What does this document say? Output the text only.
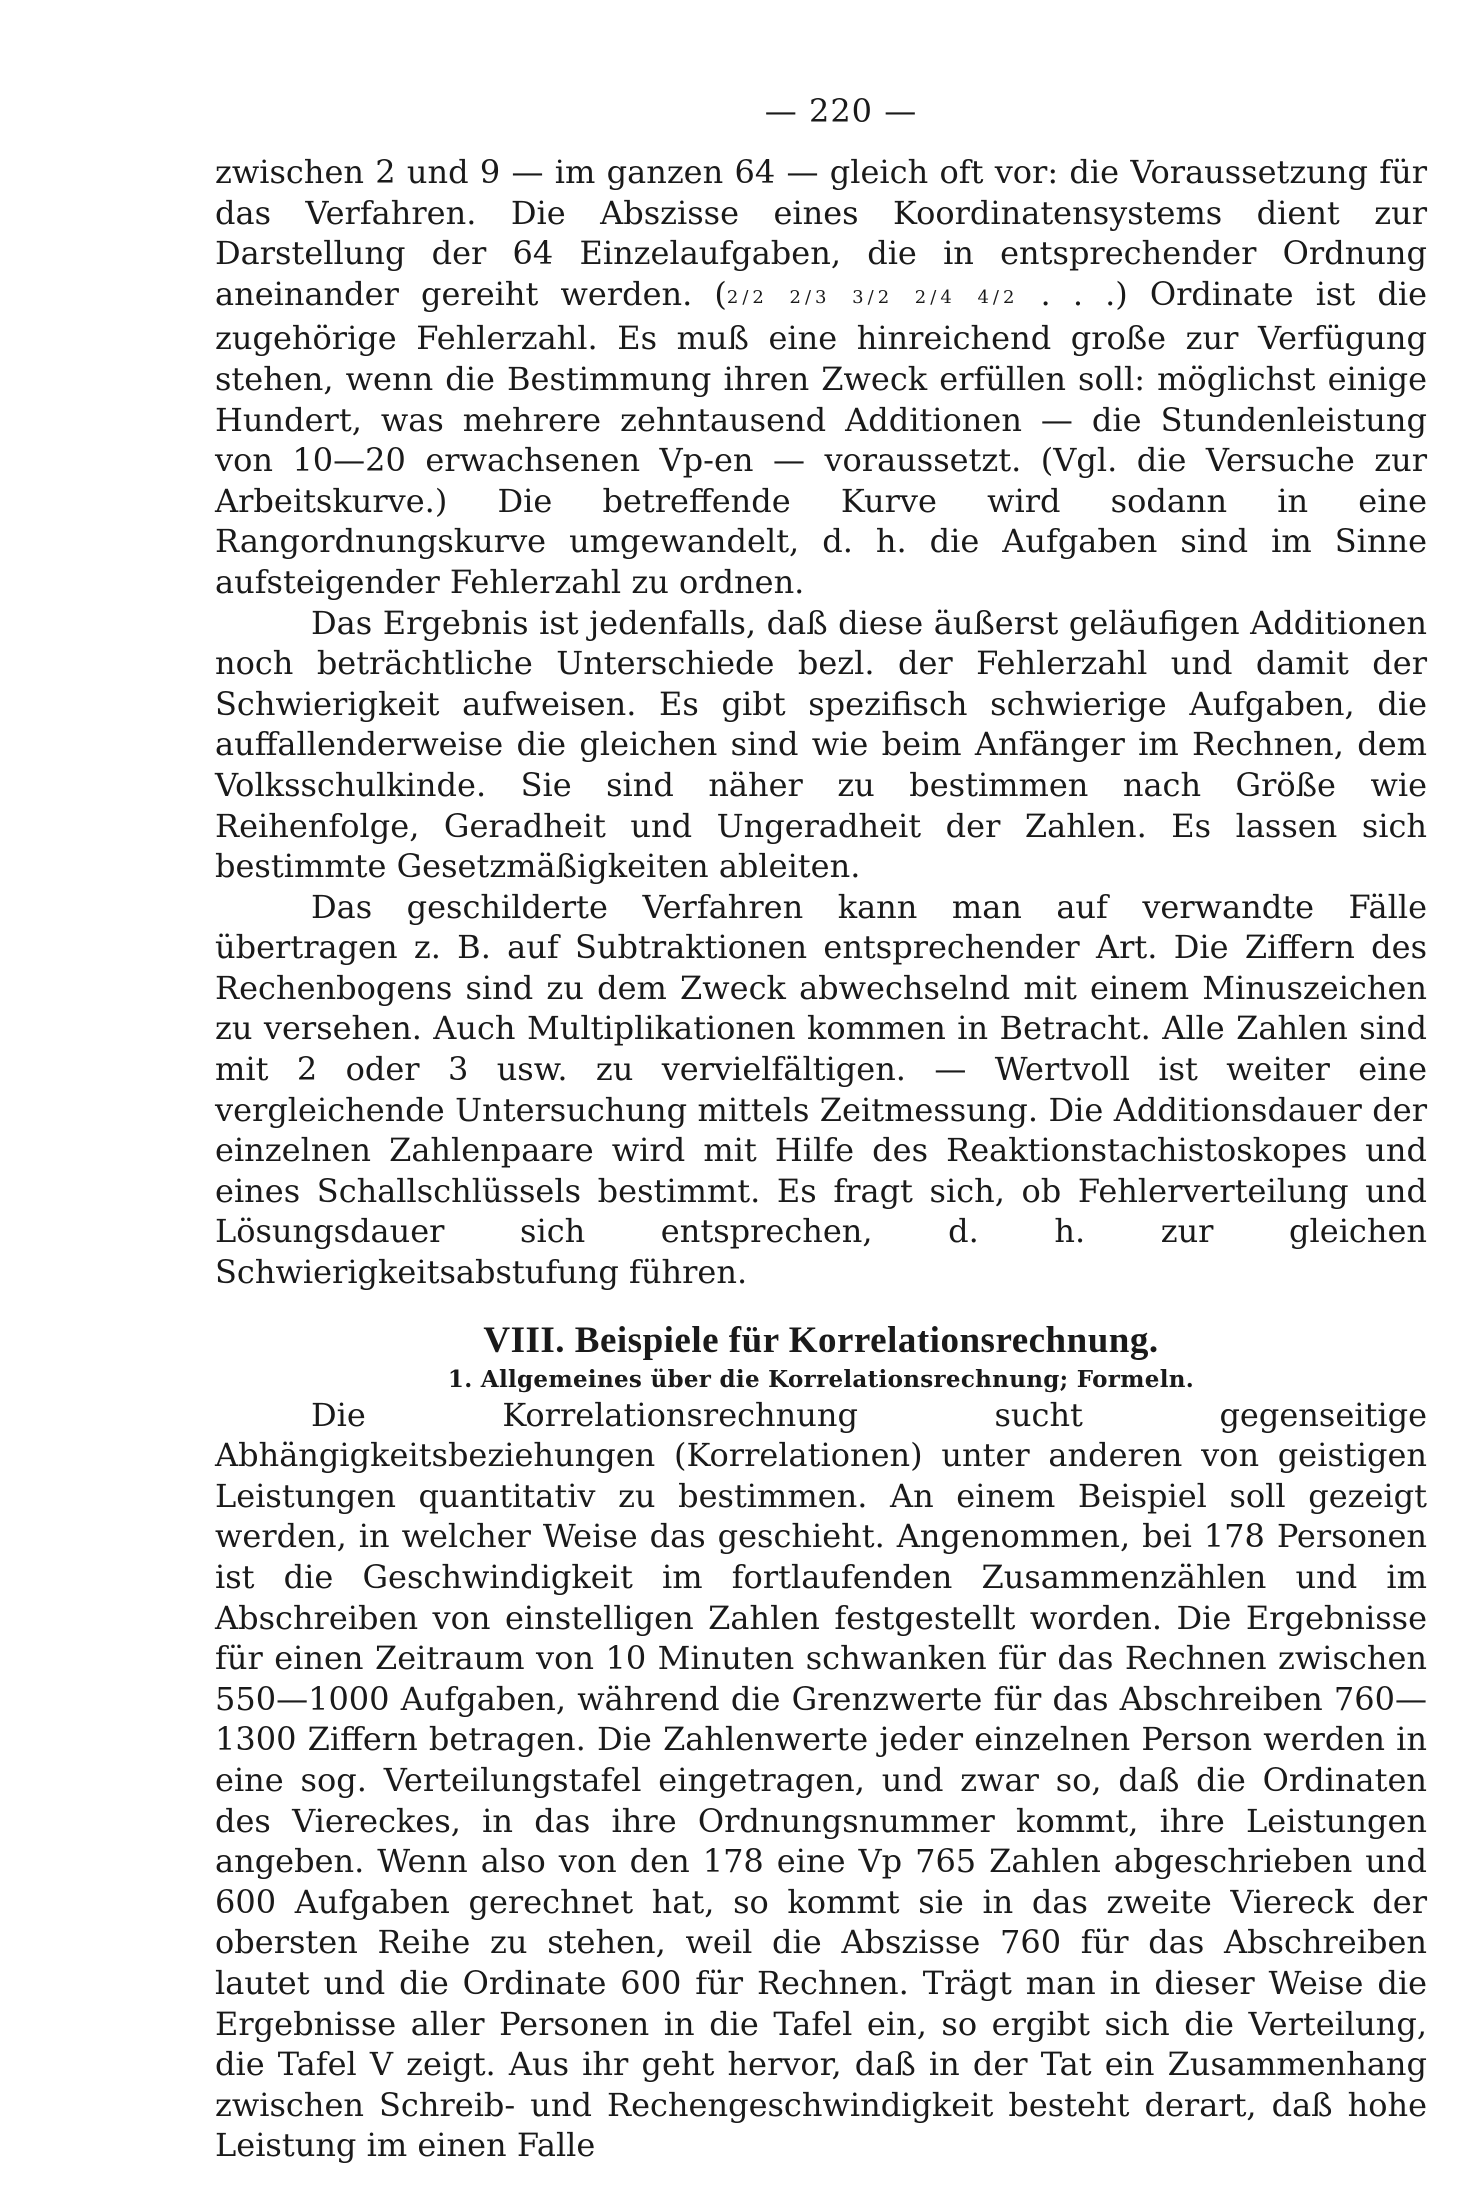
— 220 —

zwischen 2 und 9 — im ganzen 64 — gleich oft vor: die Voraussetzung für das Verfahren. Die Abszisse eines Koordinatensystems dient zur Darstellung der 64 Einzelaufgaben, die in entsprechender Ordnung aneinander gereiht werden. (2/2 2/3 3/2 2/4 4/2 . . .) Ordinate ist die zugehörige Fehlerzahl. Es muß eine hinreichend große zur Verfügung stehen, wenn die Bestimmung ihren Zweck erfüllen soll: möglichst einige Hundert, was mehrere zehntausend Additionen — die Stundenleistung von 10—20 erwachsenen Vp-en — voraussetzt. (Vgl. die Versuche zur Arbeitskurve.) Die betreffende Kurve wird sodann in eine Rangordnungskurve umgewandelt, d. h. die Aufgaben sind im Sinne aufsteigender Fehlerzahl zu ordnen.

Das Ergebnis ist jedenfalls, daß diese äußerst geläufigen Additionen noch beträchtliche Unterschiede bezl. der Fehlerzahl und damit der Schwierigkeit aufweisen. Es gibt spezifisch schwierige Aufgaben, die auffallenderweise die gleichen sind wie beim Anfänger im Rechnen, dem Volksschulkinde. Sie sind näher zu bestimmen nach Größe wie Reihenfolge, Geradheit und Ungeradheit der Zahlen. Es lassen sich bestimmte Gesetzmäßigkeiten ableiten.

Das geschilderte Verfahren kann man auf verwandte Fälle übertragen z. B. auf Subtraktionen entsprechender Art. Die Ziffern des Rechenbogens sind zu dem Zweck abwechselnd mit einem Minuszeichen zu versehen. Auch Multiplikationen kommen in Betracht. Alle Zahlen sind mit 2 oder 3 usw. zu vervielfältigen. — Wertvoll ist weiter eine vergleichende Untersuchung mittels Zeitmessung. Die Additionsdauer der einzelnen Zahlenpaare wird mit Hilfe des Reaktionstachistoskopes und eines Schallschlüssels bestimmt. Es fragt sich, ob Fehlerverteilung und Lösungsdauer sich entsprechen, d. h. zur gleichen Schwierigkeitsabstufung führen.

VIII. Beispiele für Korrelationsrechnung.
1. Allgemeines über die Korrelationsrechnung; Formeln.

Die Korrelationsrechnung sucht gegenseitige Abhängigkeitsbeziehungen (Korrelationen) unter anderen von geistigen Leistungen quantitativ zu bestimmen. An einem Beispiel soll gezeigt werden, in welcher Weise das geschieht. Angenommen, bei 178 Personen ist die Geschwindigkeit im fortlaufenden Zusammenzählen und im Abschreiben von einstelligen Zahlen festgestellt worden. Die Ergebnisse für einen Zeitraum von 10 Minuten schwanken für das Rechnen zwischen 550—1000 Aufgaben, während die Grenzwerte für das Abschreiben 760—1300 Ziffern betragen. Die Zahlenwerte jeder einzelnen Person werden in eine sog. Verteilungstafel eingetragen, und zwar so, daß die Ordinaten des Viereckes, in das ihre Ordnungsnummer kommt, ihre Leistungen angeben. Wenn also von den 178 eine Vp 765 Zahlen abgeschrieben und 600 Aufgaben gerechnet hat, so kommt sie in das zweite Viereck der obersten Reihe zu stehen, weil die Abszisse 760 für das Abschreiben lautet und die Ordinate 600 für Rechnen. Trägt man in dieser Weise die Ergebnisse aller Personen in die Tafel ein, so ergibt sich die Verteilung, die Tafel V zeigt. Aus ihr geht hervor, daß in der Tat ein Zusammenhang zwischen Schreib- und Rechengeschwindigkeit besteht derart, daß hohe Leistung im einen Falle
